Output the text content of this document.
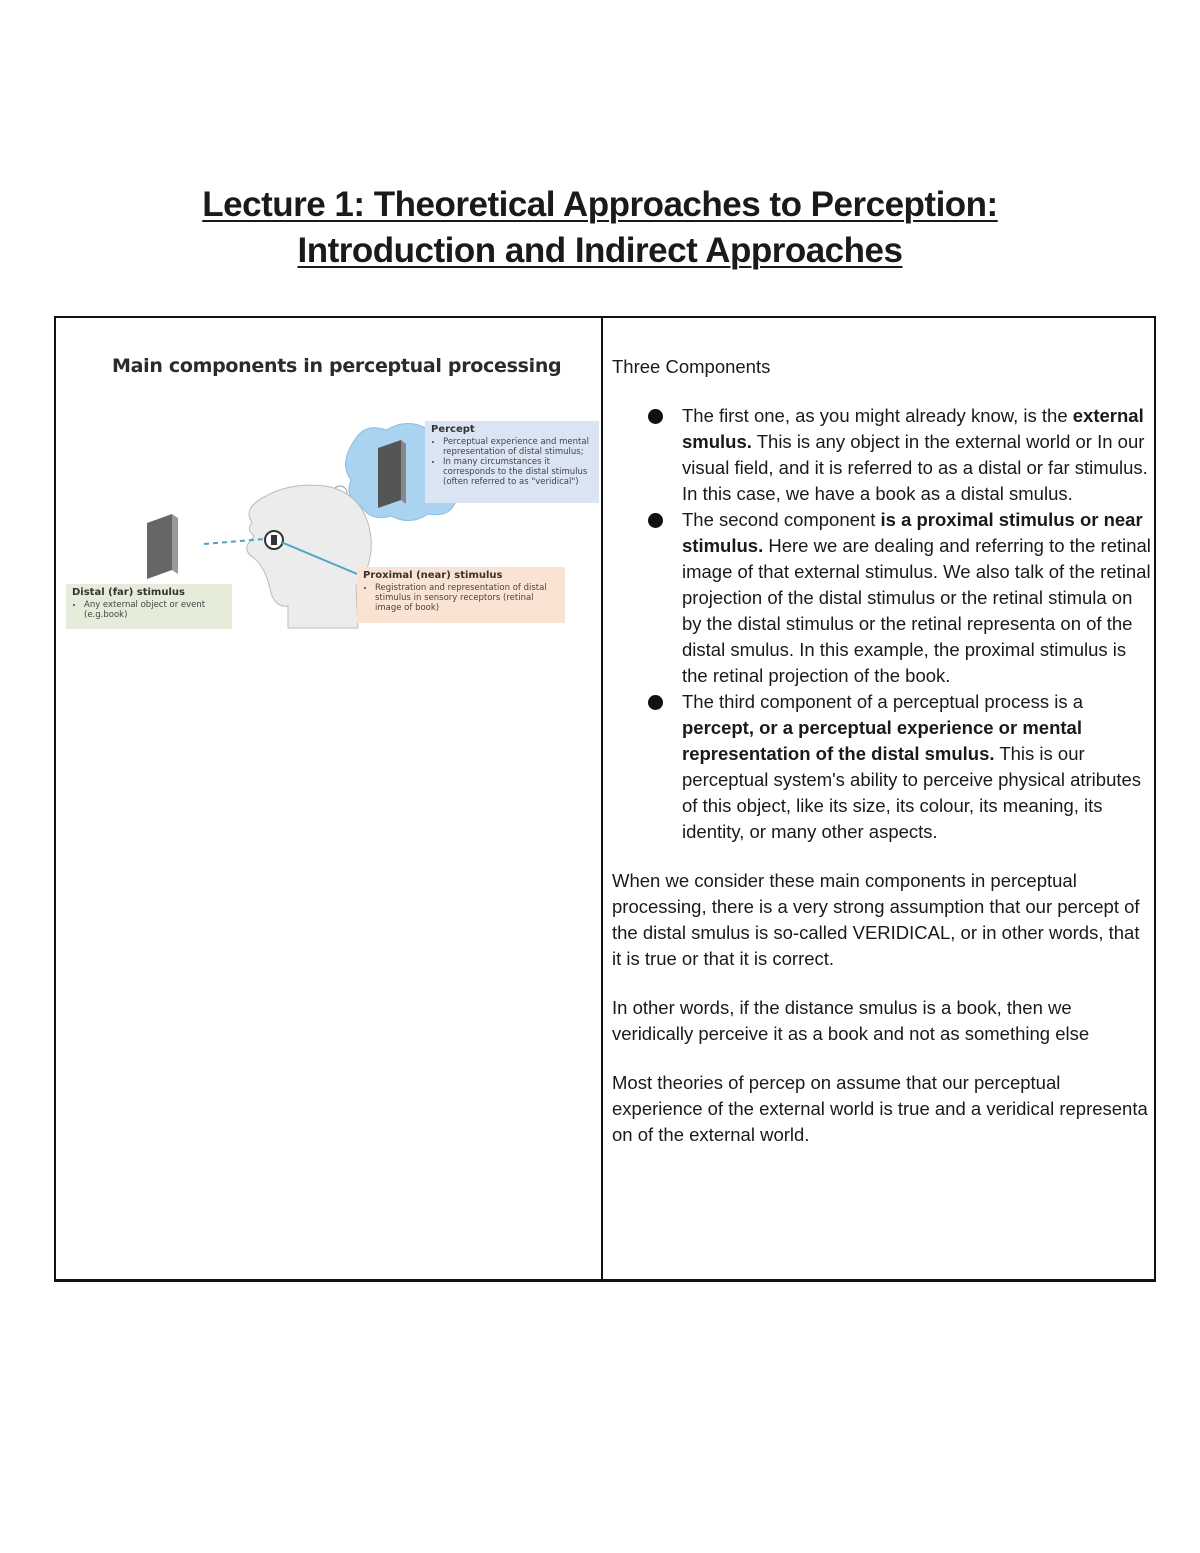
Lecture 1: Theoretical Approaches to Perception:
Introduction and Indirect Approaches
Main components in perceptual processing
Percept
• Perceptual experience and mental representation of distal stimulus;
• In many circumstances it corresponds to the distal stimulus (often referred to as "veridical")
Proximal (near) stimulus
• Registration and representation of distal stimulus in sensory receptors (retinal image of book)
Distal (far) stimulus
• Any external object or event (e.g.book)

Three Components

The first one, as you might already know, is the external smulus. This is any object in the external world or In our visual field, and it is referred to as a distal or far stimulus. In this case, we have a book as a distal smulus.
The second component is a proximal stimulus or near stimulus. Here we are dealing and referring to the retinal image of that external stimulus. We also talk of the retinal projection of the distal stimulus or the retinal stimula on by the distal stimulus or the retinal representa on of the distal smulus. In this example, the proximal stimulus is the retinal projection of the book.
The third component of a perceptual process is a percept, or a perceptual experience or mental representation of the distal smulus. This is our perceptual system's ability to perceive physical atributes of this object, like its size, its colour, its meaning, its identity, or many other aspects.

When we consider these main components in perceptual processing, there is a very strong assumption that our percept of the distal smulus is so-called VERIDICAL, or in other words, that it is true or that it is correct.

In other words, if the distance smulus is a book, then we veridically perceive it as a book and not as something else

Most theories of percep on assume that our perceptual experience of the external world is true and a veridical representa on of the external world.
